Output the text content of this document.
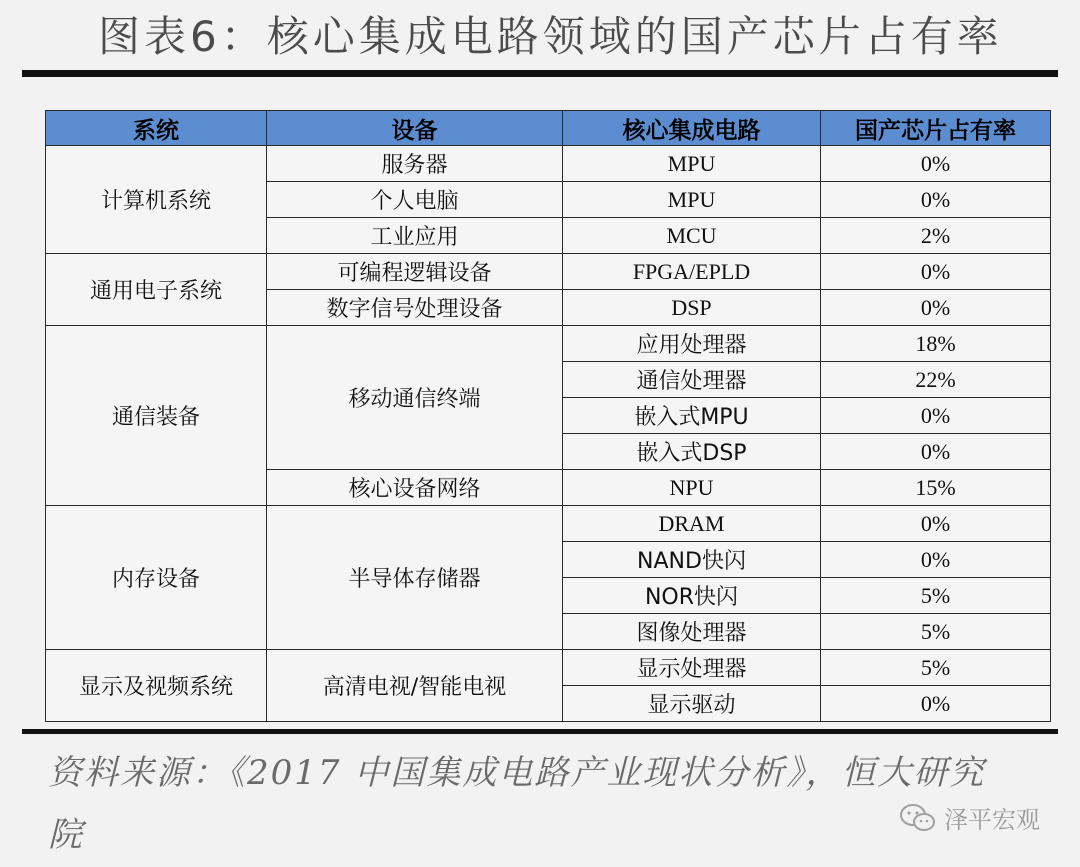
图表6：核心集成电路领域的国产芯片占有率
系统	设备	核心集成电路	国产芯片占有率
计算机系统	服务器	MPU	0%
	个人电脑	MPU	0%
	工业应用	MCU	2%
通用电子系统	可编程逻辑设备	FPGA/EPLD	0%
	数字信号处理设备	DSP	0%
通信装备	移动通信终端	应用处理器	18%
		通信处理器	22%
		嵌入式MPU	0%
		嵌入式DSP	0%
	核心设备网络	NPU	15%
内存设备	半导体存储器	DRAM	0%
		NAND快闪	0%
		NOR快闪	5%
		图像处理器	5%
显示及视频系统	高清电视/智能电视	显示处理器	5%
		显示驱动	0%
资料来源：《2017 中国集成电路产业现状分析》，恒大研究院	泽平宏观
